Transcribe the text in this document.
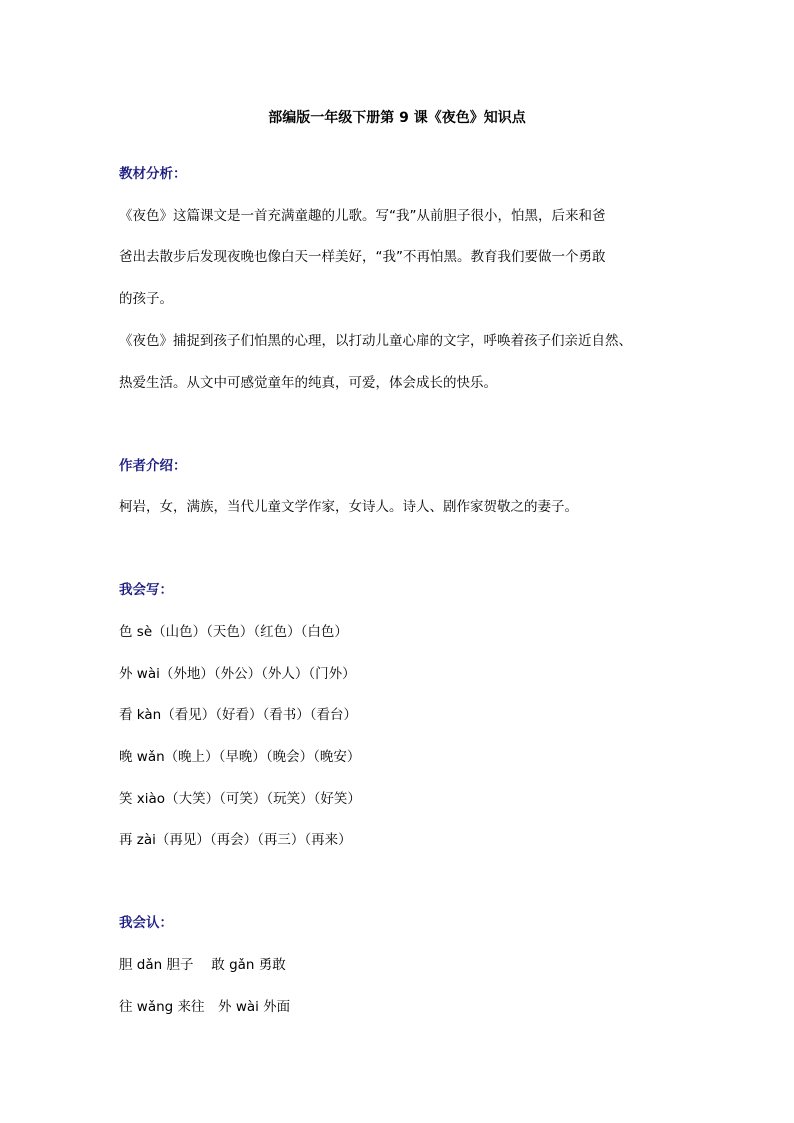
部编版一年级下册第 9 课《夜色》知识点
教材分析：
《夜色》这篇课文是一首充满童趣的儿歌。写“我”从前胆子很小，怕黑，后来和爸
爸出去散步后发现夜晚也像白天一样美好，“我”不再怕黑。教育我们要做一个勇敢
的孩子。
《夜色》捕捉到孩子们怕黑的心理，以打动儿童心扉的文字，呼唤着孩子们亲近自然、
热爱生活。从文中可感觉童年的纯真，可爱，体会成长的快乐。
作者介绍：
柯岩，女，满族，当代儿童文学作家，女诗人。诗人、剧作家贺敬之的妻子。
我会写：
色 sè（山色）（天色）（红色）（白色）
外 wài（外地）（外公）（外人）（门外）
看 kàn（看见）（好看）（看书）（看台）
晚 wǎn（晚上）（早晚）（晚会）（晚安）
笑 xiào（大笑）（可笑）（玩笑）（好笑）
再 zài（再见）（再会）（再三）（再来）
我会认：
胆 dǎn 胆子　 敢 gǎn 勇敢
往 wǎng 来往　外 wài 外面
